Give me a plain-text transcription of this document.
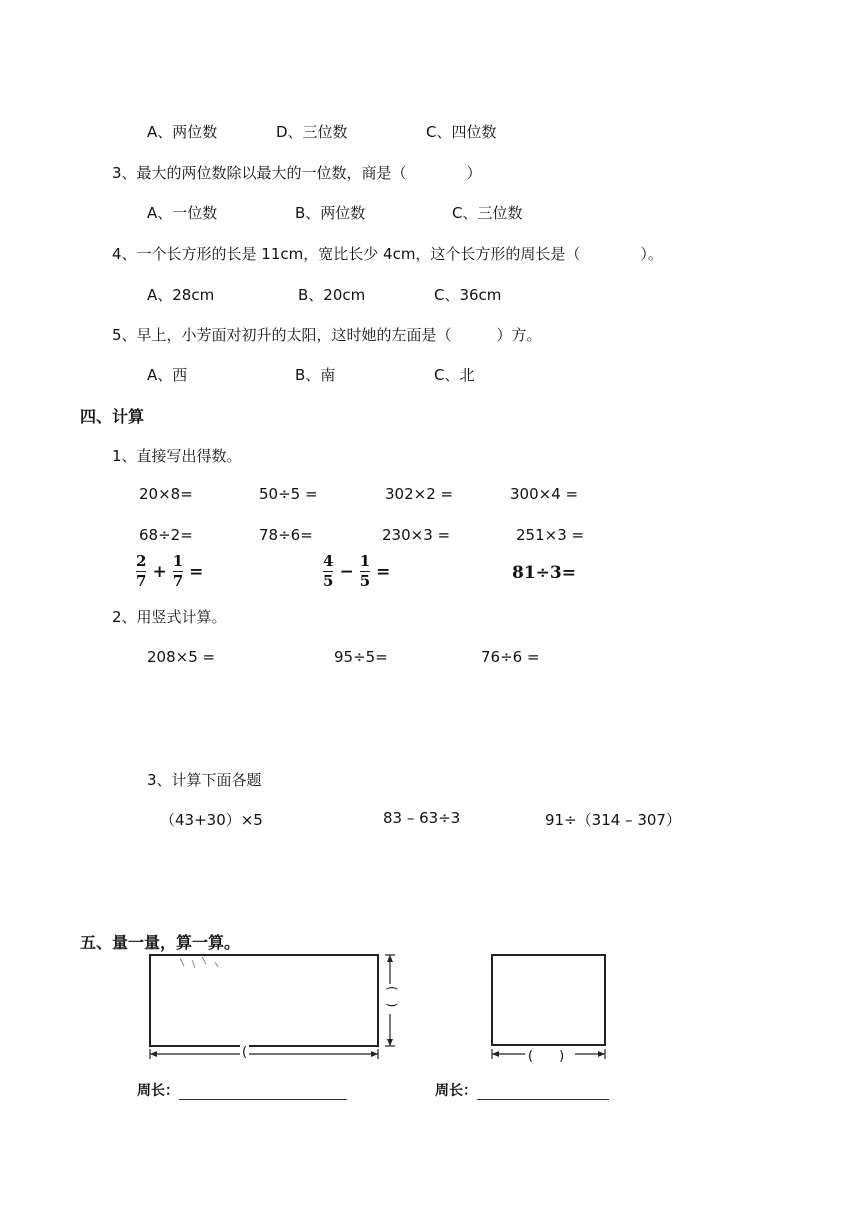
A、两位数	D、三位数	C、四位数
3、最大的两位数除以最大的一位数，商是（　　　　）
A、一位数	B、两位数	C、三位数
4、一个长方形的长是 11cm，宽比长少 4cm，这个长方形的周长是（　　　　）。
A、28cm	B、20cm	C、36cm
5、早上，小芳面对初升的太阳，这时她的左面是（　　　）方。
A、西	B、南	C、北
四、计算
1、直接写出得数。
20×8=	50÷5 =	302×2 =	300×4 =
68÷2=	78÷6=	230×3 =	251×3 =
$\frac{2}{7} + \frac{1}{7}$ =	$\frac{4}{5} - \frac{1}{5}$ =	81÷3=
2、用竖式计算。
208×5 =	95÷5=	76÷6 =
3、计算下面各题
（43+30）×5	83 – 63÷3	91÷（314 – 307）
五、量一量，算一算。
(
(　)
周长：
(　　)
周长：
